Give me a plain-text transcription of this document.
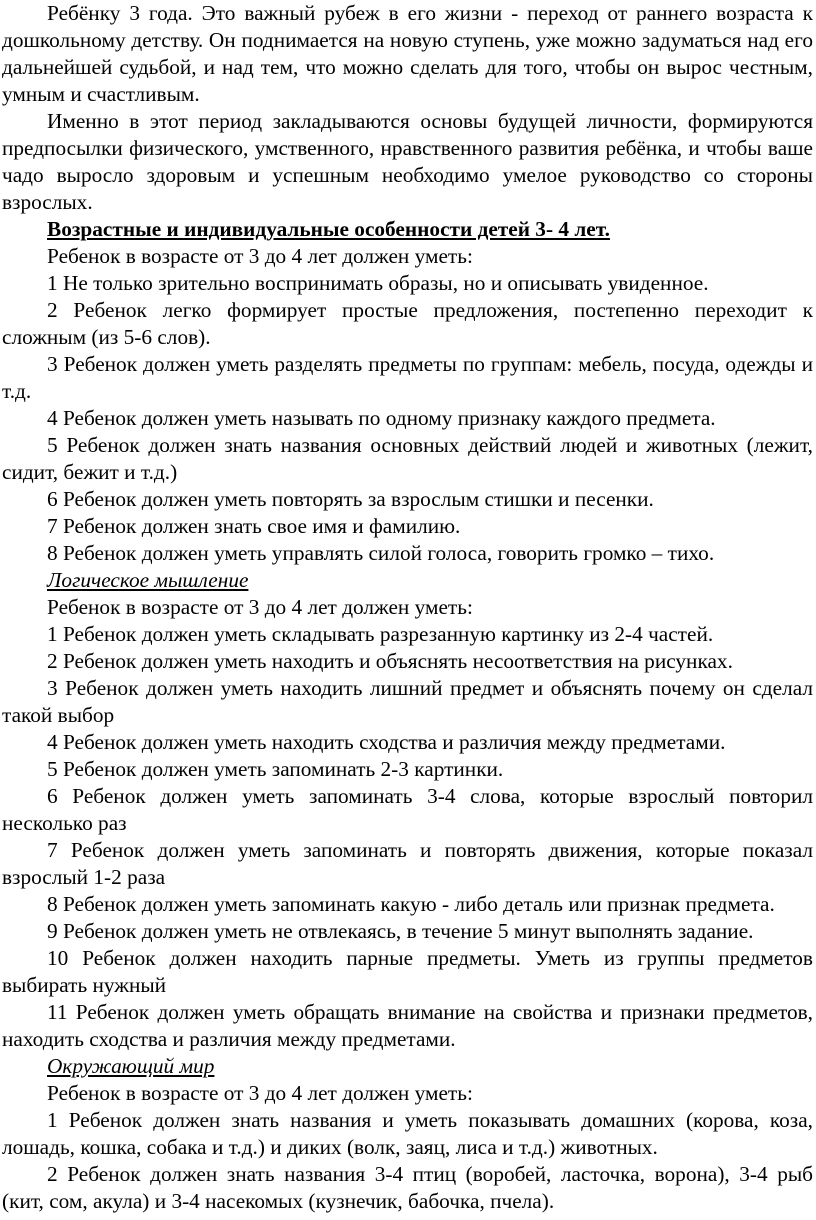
Ребёнку 3 года. Это важный рубеж в его жизни - переход от раннего возраста к дошкольному детству. Он поднимается на новую ступень, уже можно задуматься над его дальнейшей судьбой, и над тем, что можно сделать для того, чтобы он вырос честным, умным и счастливым.

Именно в этот период закладываются основы будущей личности, формируются предпосылки физического, умственного, нравственного развития ребёнка, и чтобы ваше чадо выросло здоровым и успешным необходимо умелое руководство со стороны взрослых.

Возрастные и индивидуальные особенности детей 3- 4 лет.

Ребенок в возрасте от 3 до 4 лет должен уметь:

1 Не только зрительно воспринимать образы, но и описывать увиденное.

2 Ребенок легко формирует простые предложения, постепенно переходит к сложным (из 5-6 слов).

3 Ребенок должен уметь разделять предметы по группам: мебель, посуда, одежды и т.д.

4 Ребенок должен уметь называть по одному признаку каждого предмета.

5 Ребенок должен знать названия основных действий людей и животных (лежит, сидит, бежит и т.д.)

6 Ребенок должен уметь повторять за взрослым стишки и песенки.

7 Ребенок должен знать свое имя и фамилию.

8 Ребенок должен уметь управлять силой голоса, говорить громко – тихо.

Логическое мышление

Ребенок в возрасте от 3 до 4 лет должен уметь:

1 Ребенок должен уметь складывать разрезанную картинку из 2-4 частей.

2 Ребенок должен уметь находить и объяснять несоответствия на рисунках.

3 Ребенок должен уметь находить лишний предмет и объяснять почему он сделал такой выбор

4 Ребенок должен уметь находить сходства и различия между предметами.

5 Ребенок должен уметь запоминать 2-3 картинки.

6 Ребенок должен уметь запоминать 3-4 слова, которые взрослый повторил несколько раз

7 Ребенок должен уметь запоминать и повторять движения, которые показал взрослый 1-2 раза

8 Ребенок должен уметь запоминать какую - либо деталь или признак предмета.

9 Ребенок должен уметь не отвлекаясь, в течение 5 минут выполнять задание.

10 Ребенок должен находить парные предметы. Уметь из группы предметов выбирать нужный

11 Ребенок должен уметь обращать внимание на свойства и признаки предметов, находить сходства и различия между предметами.

Окружающий мир

Ребенок в возрасте от 3 до 4 лет должен уметь:

1 Ребенок должен знать названия и уметь показывать домашних (корова, коза, лошадь, кошка, собака и т.д.) и диких (волк, заяц, лиса и т.д.) животных.

2 Ребенок должен знать названия 3-4 птиц (воробей, ласточка, ворона), 3-4 рыб (кит, сом, акула) и 3-4 насекомых (кузнечик, бабочка, пчела).
